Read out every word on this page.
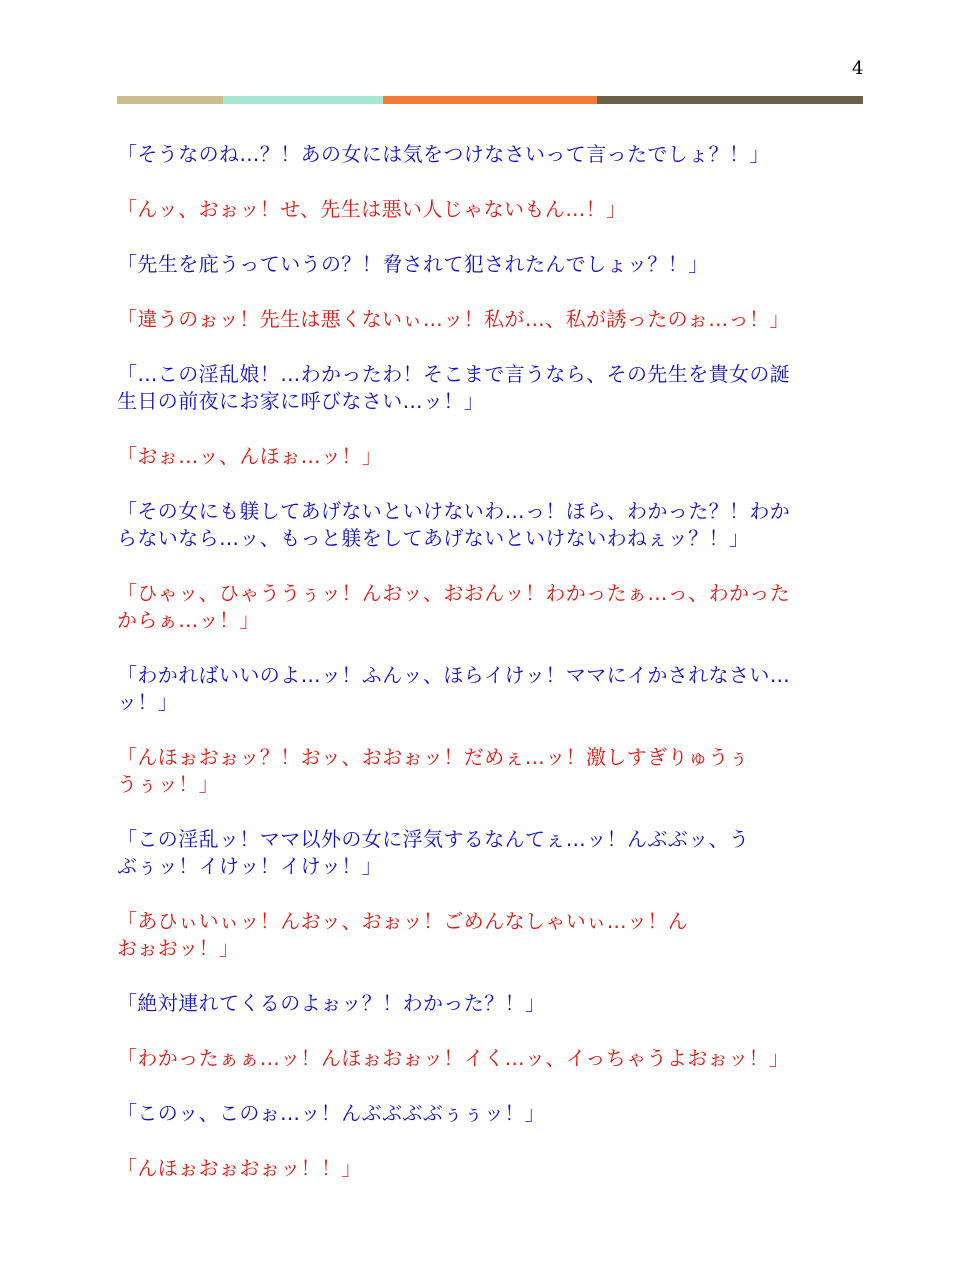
4

「そうなのね…？！あの女には気をつけなさいって言ったでしょ？！」

「んッ、おぉッ！せ、先生は悪い人じゃないもん…！」

「先生を庇うっていうの？！脅されて犯されたんでしょッ？！」

「違うのぉッ！先生は悪くないぃ…ッ！私が…、私が誘ったのぉ…っ！」

「…この淫乱娘！…わかったわ！そこまで言うなら、その先生を貴女の誕
生日の前夜にお家に呼びなさい…ッ！」

「おぉ…ッ、んほぉ…ッ！」

「その女にも躾してあげないといけないわ…っ！ほら、わかった？！わか
らないなら…ッ、もっと躾をしてあげないといけないわねぇッ？！」

「ひゃッ、ひゃううぅッ！んおッ、おおんッ！わかったぁ…っ、わかった
からぁ…ッ！」

「わかればいいのよ…ッ！ふんッ、ほらイけッ！ママにイかされなさい…
ッ！」

「んほぉおぉッ？！おッ、おおぉッ！だめぇ…ッ！激しすぎりゅうぅ
うぅッ！」

「この淫乱ッ！ママ以外の女に浮気するなんてぇ…ッ！んぶぶッ、う
ぶぅッ！イけッ！イけッ！」

「あひぃいぃッ！んおッ、おぉッ！ごめんなしゃいぃ…ッ！ん
おぉおッ！」

「絶対連れてくるのよぉッ？！わかった？！」

「わかったぁぁ…ッ！んほぉおぉッ！イく…ッ、イっちゃうよおぉッ！」

「このッ、このぉ…ッ！んぶぶぶぶぅぅッ！」

「んほぉおぉおぉッ！！」
